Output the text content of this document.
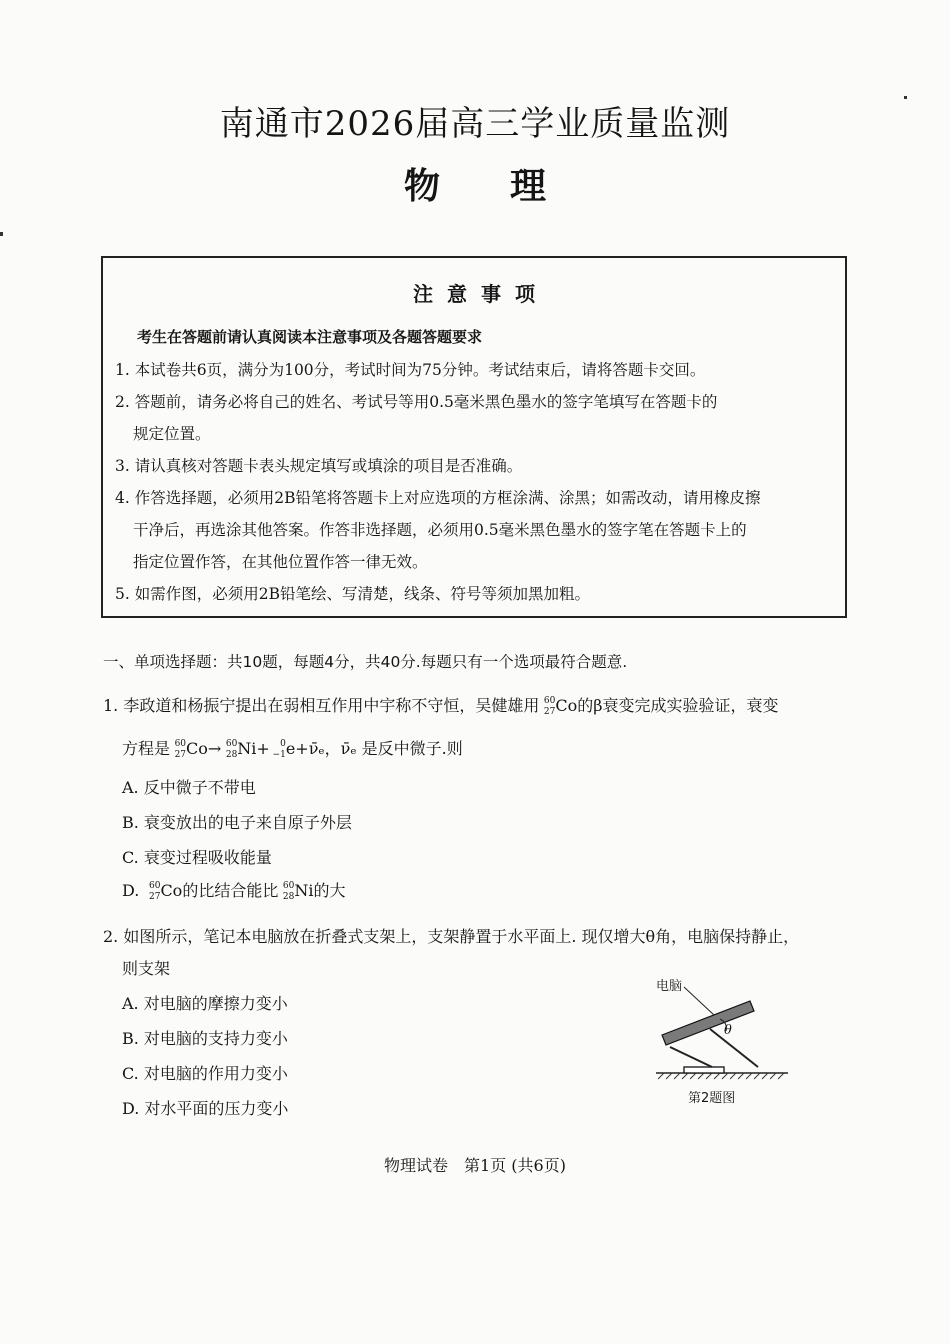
南通市2026届高三学业质量监测
物 理
注意事项
考生在答题前请认真阅读本注意事项及各题答题要求

1. 本试卷共6页，满分为100分，考试时间为75分钟。考试结束后，请将答题卡交回。

2. 答题前，请务必将自己的姓名、考试号等用0.5毫米黑色墨水的签字笔填写在答题卡的

规定位置。

3. 请认真核对答题卡表头规定填写或填涂的项目是否准确。

4. 作答选择题，必须用2B铅笔将答题卡上对应选项的方框涂满、涂黑；如需改动，请用橡皮擦

干净后，再选涂其他答案。作答非选择题，必须用0.5毫米黑色墨水的签字笔在答题卡上的

指定位置作答，在其他位置作答一律无效。

5. 如需作图，必须用2B铅笔绘、写清楚，线条、符号等须加黑加粗。

一、单项选择题：共10题，每题4分，共40分.每题只有一个选项最符合题意.
1. 李政道和杨振宁提出在弱相互作用中宇称不守恒，吴健雄用 60
27 Co的β衰变完成实验验证，衰变
方程是 60
27 Co→ 60
28 Ni+ 0
−1 e+ν̄ₑ，ν̄ₑ 是反中微子.则
A. 反中微子不带电
B. 衰变放出的电子来自原子外层
C. 衰变过程吸收能量
D. 60
27 Co的比结合能比 60
28 Ni的大
2. 如图所示，笔记本电脑放在折叠式支架上，支架静置于水平面上. 现仅增大θ角，电脑保持静止，
则支架
A. 对电脑的摩擦力变小
B. 对电脑的支持力变小
C. 对电脑的作用力变小
D. 对水平面的压力变小
电脑
θ
第2题图
物理试卷　第1页 (共6页)
